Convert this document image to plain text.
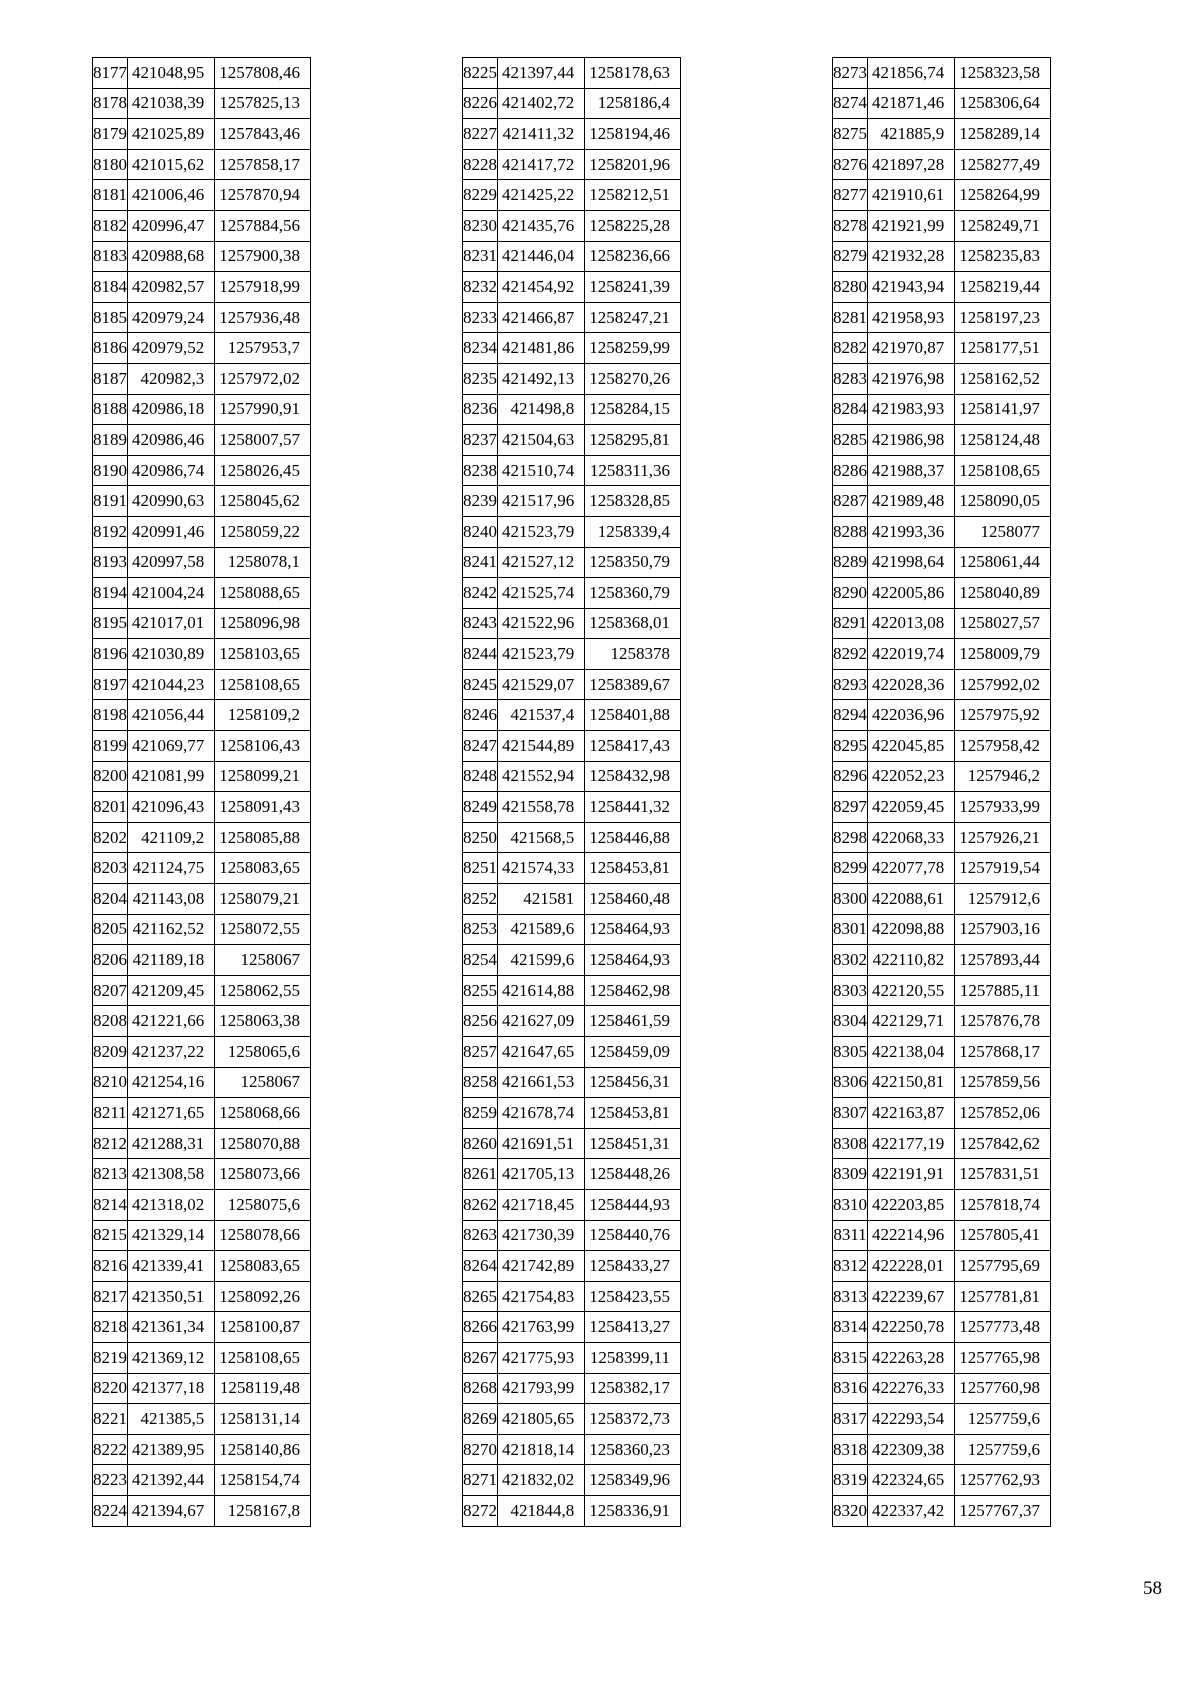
8177	421048,95	1257808,46
8178	421038,39	1257825,13
8179	421025,89	1257843,46
8180	421015,62	1257858,17
8181	421006,46	1257870,94
8182	420996,47	1257884,56
8183	420988,68	1257900,38
8184	420982,57	1257918,99
8185	420979,24	1257936,48
8186	420979,52	1257953,7
8187	420982,3	1257972,02
8188	420986,18	1257990,91
8189	420986,46	1258007,57
8190	420986,74	1258026,45
8191	420990,63	1258045,62
8192	420991,46	1258059,22
8193	420997,58	1258078,1
8194	421004,24	1258088,65
8195	421017,01	1258096,98
8196	421030,89	1258103,65
8197	421044,23	1258108,65
8198	421056,44	1258109,2
8199	421069,77	1258106,43
8200	421081,99	1258099,21
8201	421096,43	1258091,43
8202	421109,2	1258085,88
8203	421124,75	1258083,65
8204	421143,08	1258079,21
8205	421162,52	1258072,55
8206	421189,18	1258067
8207	421209,45	1258062,55
8208	421221,66	1258063,38
8209	421237,22	1258065,6
8210	421254,16	1258067
8211	421271,65	1258068,66
8212	421288,31	1258070,88
8213	421308,58	1258073,66
8214	421318,02	1258075,6
8215	421329,14	1258078,66
8216	421339,41	1258083,65
8217	421350,51	1258092,26
8218	421361,34	1258100,87
8219	421369,12	1258108,65
8220	421377,18	1258119,48
8221	421385,5	1258131,14
8222	421389,95	1258140,86
8223	421392,44	1258154,74
8224	421394,67	1258167,8
8225	421397,44	1258178,63
8226	421402,72	1258186,4
8227	421411,32	1258194,46
8228	421417,72	1258201,96
8229	421425,22	1258212,51
8230	421435,76	1258225,28
8231	421446,04	1258236,66
8232	421454,92	1258241,39
8233	421466,87	1258247,21
8234	421481,86	1258259,99
8235	421492,13	1258270,26
8236	421498,8	1258284,15
8237	421504,63	1258295,81
8238	421510,74	1258311,36
8239	421517,96	1258328,85
8240	421523,79	1258339,4
8241	421527,12	1258350,79
8242	421525,74	1258360,79
8243	421522,96	1258368,01
8244	421523,79	1258378
8245	421529,07	1258389,67
8246	421537,4	1258401,88
8247	421544,89	1258417,43
8248	421552,94	1258432,98
8249	421558,78	1258441,32
8250	421568,5	1258446,88
8251	421574,33	1258453,81
8252	421581	1258460,48
8253	421589,6	1258464,93
8254	421599,6	1258464,93
8255	421614,88	1258462,98
8256	421627,09	1258461,59
8257	421647,65	1258459,09
8258	421661,53	1258456,31
8259	421678,74	1258453,81
8260	421691,51	1258451,31
8261	421705,13	1258448,26
8262	421718,45	1258444,93
8263	421730,39	1258440,76
8264	421742,89	1258433,27
8265	421754,83	1258423,55
8266	421763,99	1258413,27
8267	421775,93	1258399,11
8268	421793,99	1258382,17
8269	421805,65	1258372,73
8270	421818,14	1258360,23
8271	421832,02	1258349,96
8272	421844,8	1258336,91
8273	421856,74	1258323,58
8274	421871,46	1258306,64
8275	421885,9	1258289,14
8276	421897,28	1258277,49
8277	421910,61	1258264,99
8278	421921,99	1258249,71
8279	421932,28	1258235,83
8280	421943,94	1258219,44
8281	421958,93	1258197,23
8282	421970,87	1258177,51
8283	421976,98	1258162,52
8284	421983,93	1258141,97
8285	421986,98	1258124,48
8286	421988,37	1258108,65
8287	421989,48	1258090,05
8288	421993,36	1258077
8289	421998,64	1258061,44
8290	422005,86	1258040,89
8291	422013,08	1258027,57
8292	422019,74	1258009,79
8293	422028,36	1257992,02
8294	422036,96	1257975,92
8295	422045,85	1257958,42
8296	422052,23	1257946,2
8297	422059,45	1257933,99
8298	422068,33	1257926,21
8299	422077,78	1257919,54
8300	422088,61	1257912,6
8301	422098,88	1257903,16
8302	422110,82	1257893,44
8303	422120,55	1257885,11
8304	422129,71	1257876,78
8305	422138,04	1257868,17
8306	422150,81	1257859,56
8307	422163,87	1257852,06
8308	422177,19	1257842,62
8309	422191,91	1257831,51
8310	422203,85	1257818,74
8311	422214,96	1257805,41
8312	422228,01	1257795,69
8313	422239,67	1257781,81
8314	422250,78	1257773,48
8315	422263,28	1257765,98
8316	422276,33	1257760,98
8317	422293,54	1257759,6
8318	422309,38	1257759,6
8319	422324,65	1257762,93
8320	422337,42	1257767,37
58
